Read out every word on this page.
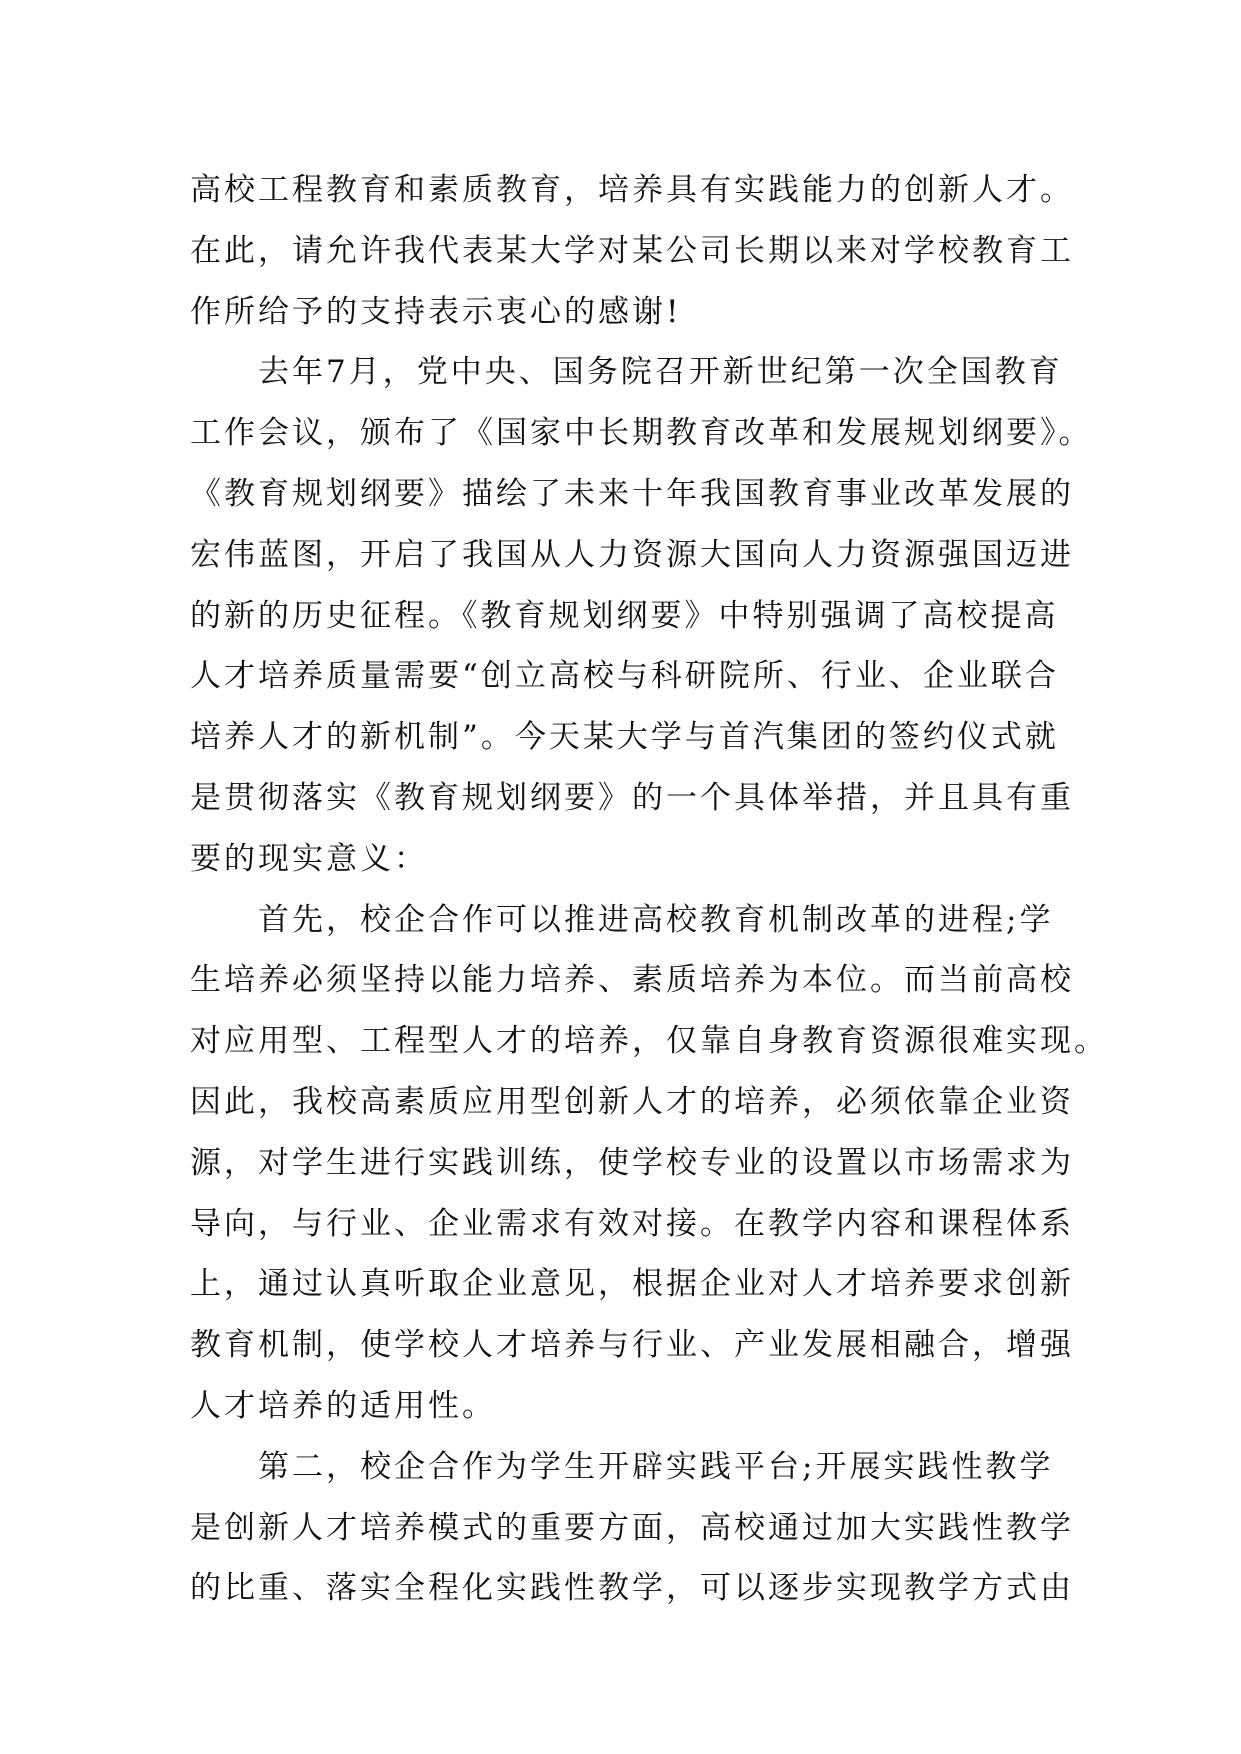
高校工程教育和素质教育，培养具有实践能力的创新人才。
在此，请允许我代表某大学对某公司长期以来对学校教育工
作所给予的支持表示衷心的感谢!
去年7月，党中央、国务院召开新世纪第一次全国教育
工作会议，颁布了《国家中长期教育改革和发展规划纲要》。
《教育规划纲要》描绘了未来十年我国教育事业改革发展的
宏伟蓝图，开启了我国从人力资源大国向人力资源强国迈进
的新的历史征程。《教育规划纲要》中特别强调了高校提高
人才培养质量需要“创立高校与科研院所、行业、企业联合
培养人才的新机制”。今天某大学与首汽集团的签约仪式就
是贯彻落实《教育规划纲要》的一个具体举措，并且具有重
要的现实意义：
首先，校企合作可以推进高校教育机制改革的进程;学
生培养必须坚持以能力培养、素质培养为本位。而当前高校
对应用型、工程型人才的培养，仅靠自身教育资源很难实现。
因此，我校高素质应用型创新人才的培养，必须依靠企业资
源，对学生进行实践训练，使学校专业的设置以市场需求为
导向，与行业、企业需求有效对接。在教学内容和课程体系
上，通过认真听取企业意见，根据企业对人才培养要求创新
教育机制，使学校人才培养与行业、产业发展相融合，增强
人才培养的适用性。
第二，校企合作为学生开辟实践平台;开展实践性教学
是创新人才培养模式的重要方面，高校通过加大实践性教学
的比重、落实全程化实践性教学，可以逐步实现教学方式由
